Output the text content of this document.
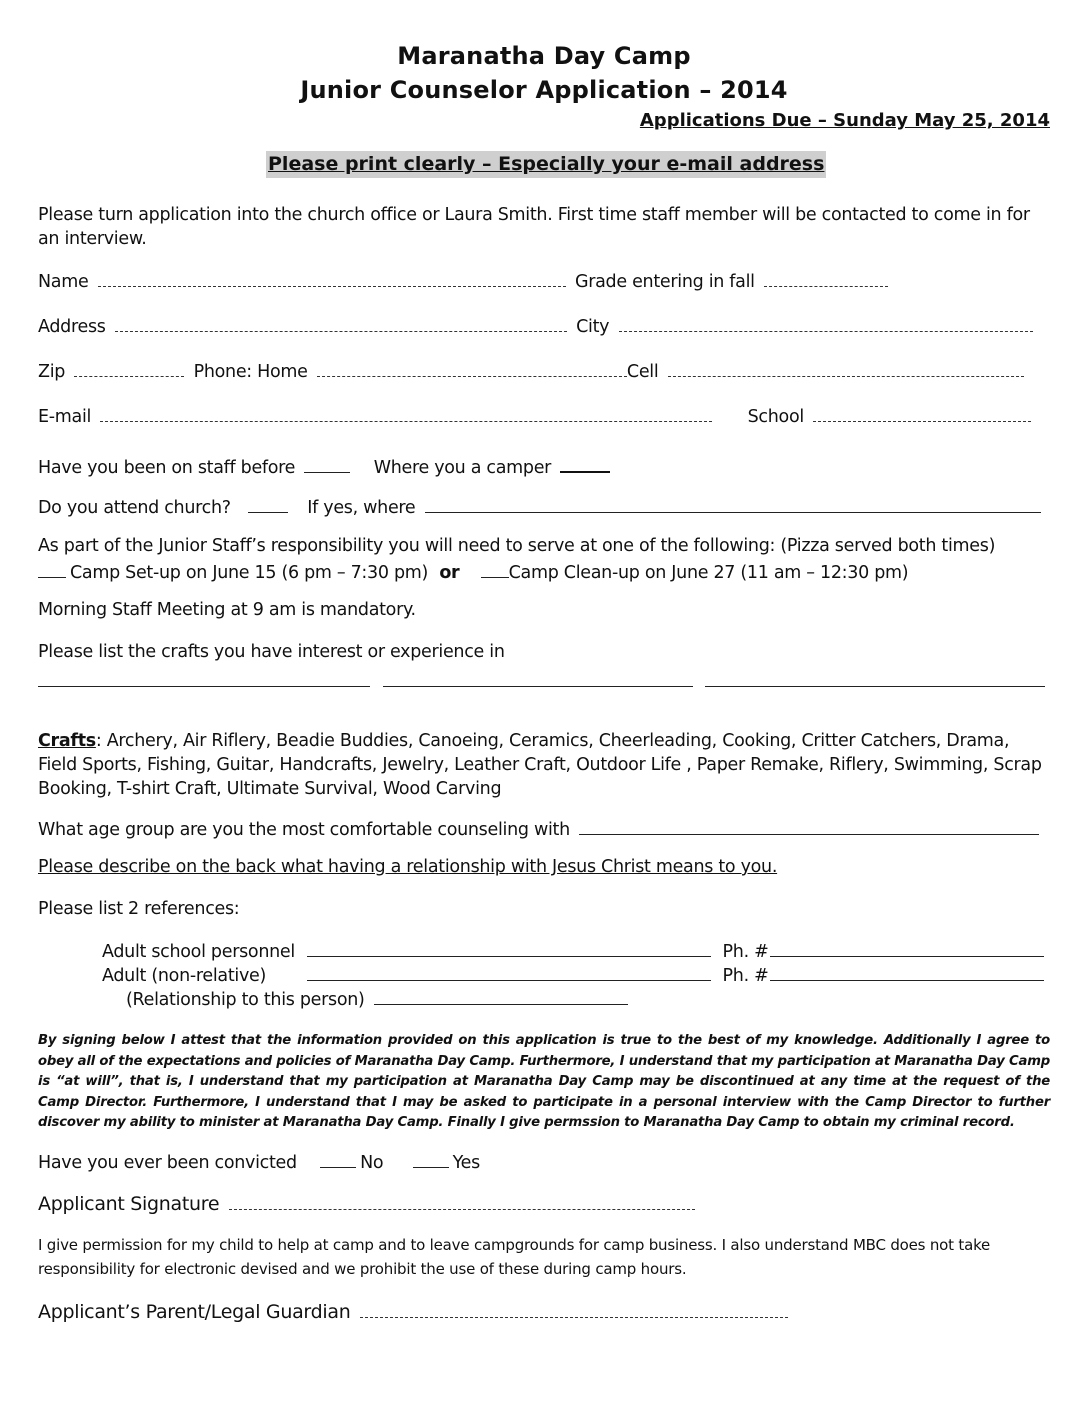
Maranatha Day Camp
Junior Counselor Application – 2014
Applications Due – Sunday May 25, 2014
Please print clearly – Especially your e-mail address
Please turn application into the church office or Laura Smith. First time staff member will be contacted to come in for an interview.
Name	Grade entering in fall
Address	City
Zip	Phone: Home	Cell
E-mail	School
Have you been on staff before	Where you a camper
Do you attend church?	If yes, where
As part of the Junior Staff’s responsibility you will need to serve at one of the following: (Pizza served both times)
Camp Set-up on June 15 (6 pm – 7:30 pm) or	Camp Clean-up on June 27 (11 am – 12:30 pm)
Morning Staff Meeting at 9 am is mandatory.
Please list the crafts you have interest or experience in
Crafts: Archery, Air Riflery, Beadie Buddies, Canoeing, Ceramics, Cheerleading, Cooking, Critter Catchers, Drama, Field Sports, Fishing, Guitar, Handcrafts, Jewelry, Leather Craft, Outdoor Life , Paper Remake, Riflery, Swimming, Scrap Booking, T-shirt Craft, Ultimate Survival, Wood Carving
What age group are you the most comfortable counseling with
Please describe on the back what having a relationship with Jesus Christ means to you.
Please list 2 references:
Adult school personnel	Ph. #
Adult (non-relative)	Ph. #
(Relationship to this person)
By signing below I attest that the information provided on this application is true to the best of my knowledge. Additionally I agree to obey all of the expectations and policies of Maranatha Day Camp. Furthermore, I understand that my participation at Maranatha Day Camp is “at will”, that is, I understand that my participation at Maranatha Day Camp may be discontinued at any time at the request of the Camp Director. Furthermore, I understand that I may be asked to participate in a personal interview with the Camp Director to further discover my ability to minister at Maranatha Day Camp. Finally I give permssion to Maranatha Day Camp to obtain my criminal record.
Have you ever been convicted	No	Yes
Applicant Signature
I give permission for my child to help at camp and to leave campgrounds for camp business. I also understand MBC does not take responsibility for electronic devised and we prohibit the use of these during camp hours.
Applicant’s Parent/Legal Guardian
